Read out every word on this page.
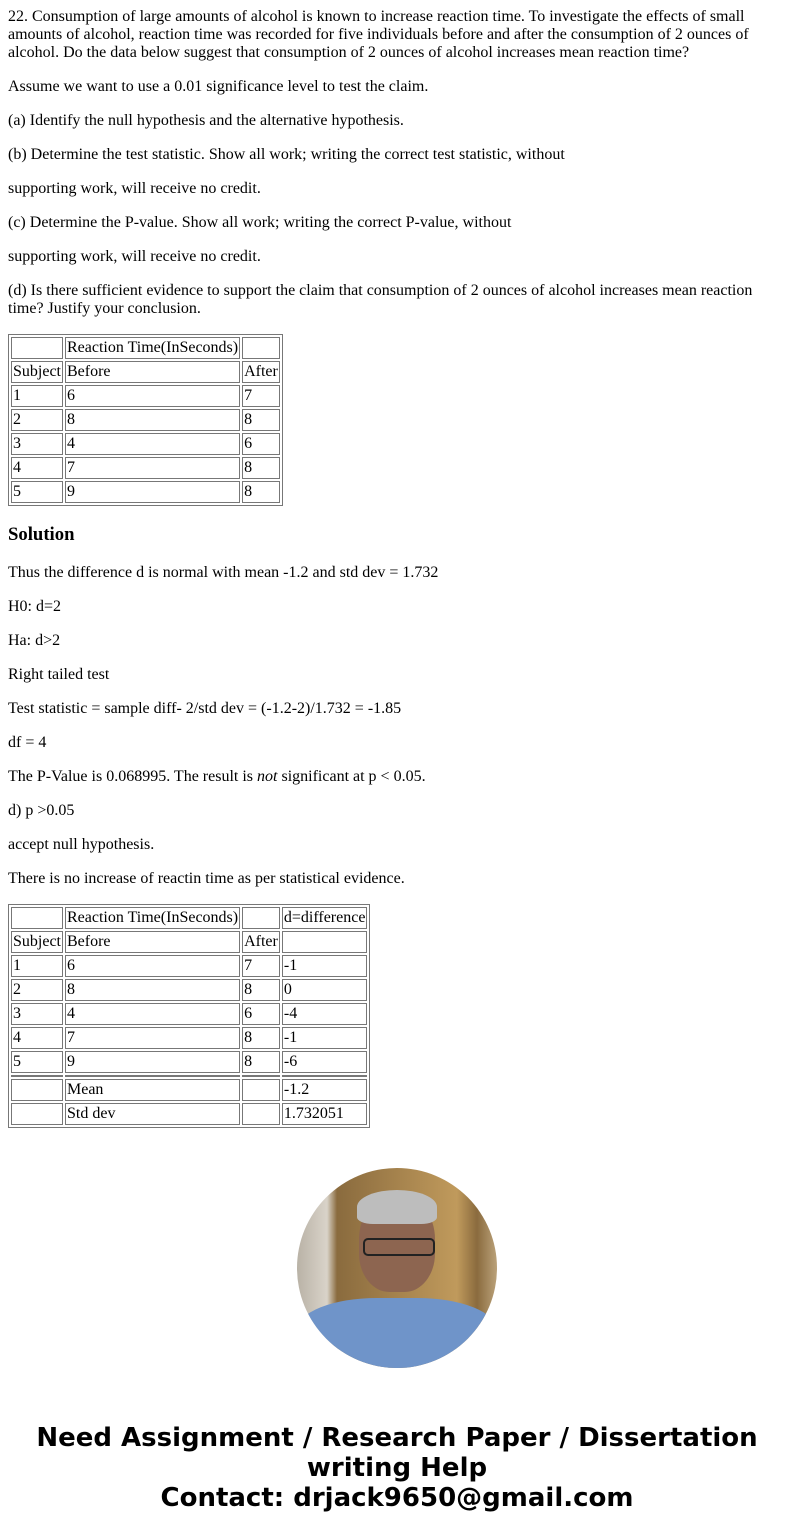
22. Consumption of large amounts of alcohol is known to increase reaction time. To investigate the effects of small amounts of alcohol, reaction time was recorded for five individuals before and after the consumption of 2 ounces of alcohol. Do the data below suggest that consumption of 2 ounces of alcohol increases mean reaction time?

Assume we want to use a 0.01 significance level to test the claim.

(a) Identify the null hypothesis and the alternative hypothesis.

(b) Determine the test statistic. Show all work; writing the correct test statistic, without

supporting work, will receive no credit.

(c) Determine the P-value. Show all work; writing the correct P-value, without

supporting work, will receive no credit.

(d) Is there sufficient evidence to support the claim that consumption of 2 ounces of alcohol increases mean reaction time? Justify your conclusion.

	Reaction Time(InSeconds)	
Subject	Before	After
1	6	7
2	8	8
3	4	6
4	7	8
5	9	8
Solution

Thus the difference d is normal with mean -1.2 and std dev = 1.732

H0: d=2

Ha: d>2

Right tailed test

Test statistic = sample diff- 2/std dev = (-1.2-2)/1.732 = -1.85

df = 4

The P-Value is 0.068995. The result is not significant at p < 0.05.

d) p >0.05

accept null hypothesis.

There is no increase of reactin time as per statistical evidence.

	Reaction Time(InSeconds)		d=difference
Subject	Before	After	
1	6	7	-1
2	8	8	0
3	4	6	-4
4	7	8	-1
5	9	8	-6

	Mean		-1.2
	Std dev		1.732051
Need Assignment / Research Paper / Dissertation writing Help
Contact: drjack9650@gmail.com
